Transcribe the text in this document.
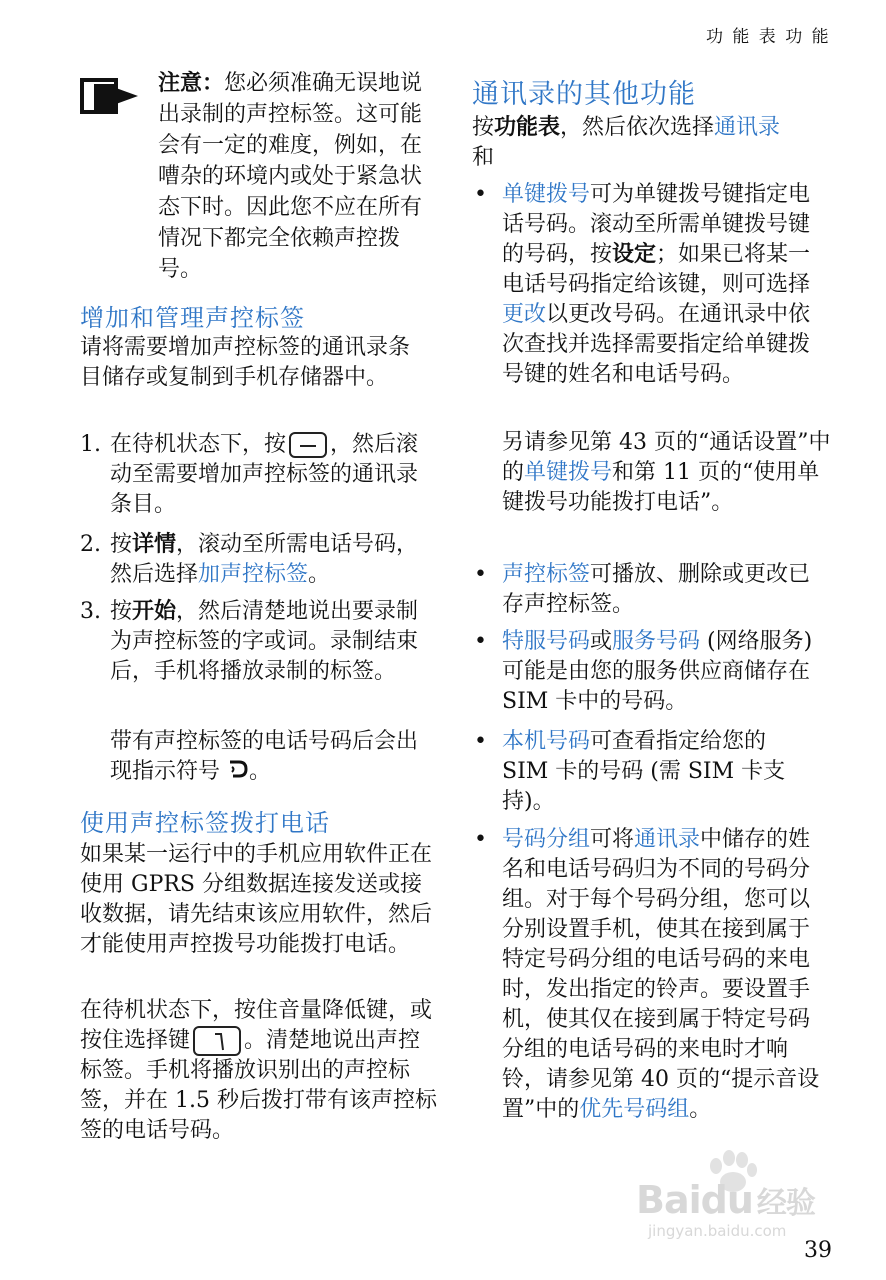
功 能 表 功 能
注意：您必须准确无误地说出录制的声控标签。这可能会有一定的难度，例如，在嘈杂的环境内或处于紧急状态下时。因此您不应在所有情况下都完全依赖声控拨号。
增加和管理声控标签
请将需要增加声控标签的通讯录条目储存或复制到手机存储器中。
1. 在待机状态下，按 ，然后滚动至需要增加声控标签的通讯录条目。
2. 按详情，滚动至所需电话号码，然后选择加声控标签。
3. 按开始，然后清楚地说出要录制为声控标签的字或词。录制结束后，手机将播放录制的标签。
带有声控标签的电话号码后会出现指示符号 。
使用声控标签拨打电话
如果某一运行中的手机应用软件正在使用 GPRS 分组数据连接发送或接收数据，请先结束该应用软件，然后才能使用声控拨号功能拨打电话。
在待机状态下，按住音量降低键，或按住选择键 。清楚地说出声控标签。手机将播放识别出的声控标签，并在 1.5 秒后拨打带有该声控标签的电话号码。
通讯录的其他功能
按功能表，然后依次选择通讯录
和
• 单键拨号可为单键拨号键指定电话号码。滚动至所需单键拨号键的号码，按设定；如果已将某一电话号码指定给该键，则可选择更改以更改号码。在通讯录中依次查找并选择需要指定给单键拨号键的姓名和电话号码。
另请参见第 43 页的“通话设置”中的单键拨号和第 11 页的“使用单键拨号功能拨打电话”。
• 声控标签可播放、删除或更改已存声控标签。
• 特服号码或服务号码 (网络服务) 可能是由您的服务供应商储存在 SIM 卡中的号码。
• 本机号码可查看指定给您的 SIM 卡的号码 (需 SIM 卡支持)。
• 号码分组可将通讯录中储存的姓名和电话号码归为不同的号码分组。对于每个号码分组，您可以分别设置手机，使其在接到属于特定号码分组的电话号码的来电时，发出指定的铃声。要设置手机，使其仅在接到属于特定号码分组的电话号码的来电时才响铃，请参见第 40 页的“提示音设置”中的优先号码组。
Baidu 经验
jingyan.baidu.com
39
